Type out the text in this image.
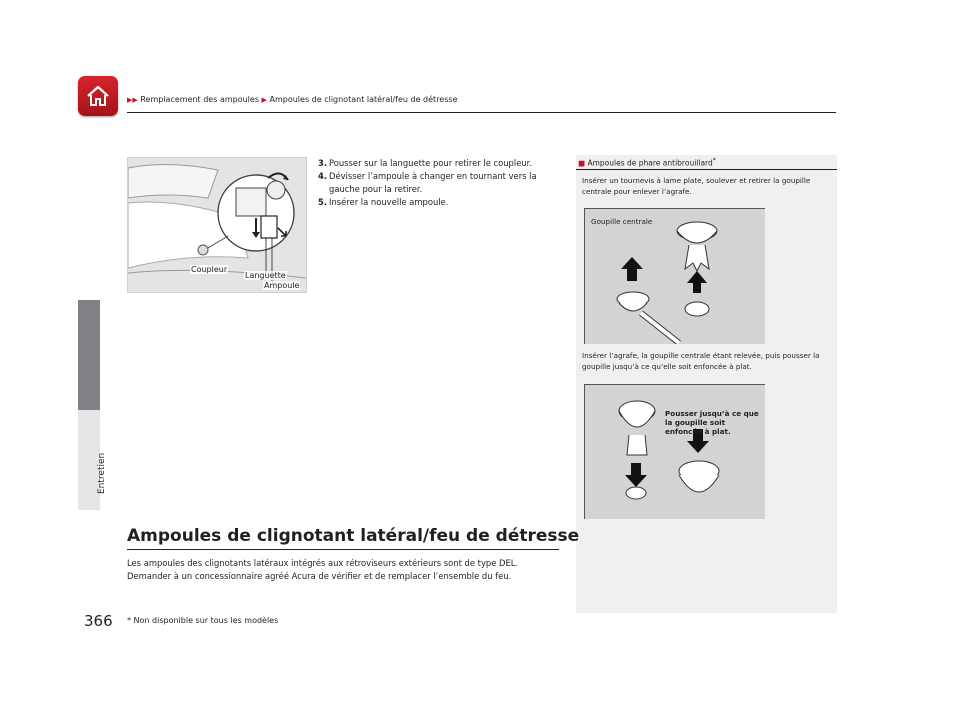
▶▶ Remplacement des ampoules ▶ Ampoules de clignotant latéral/feu de détresse
Entretien
Coupleur
Languette
Ampoule
3. Pousser sur la languette pour retirer le coupleur.
4. Dévisser l’ampoule à changer en tournant vers la gauche pour la retirer.
5. Insérer la nouvelle ampoule.
■ Ampoules de phare antibrouillard*
Insérer un tournevis à lame plate, soulever et retirer la goupille centrale pour enlever l’agrafe.
Goupille centrale
Insérer l’agrafe, la goupille centrale étant relevée, puis pousser la goupille jusqu’à ce qu’elle soit enfoncée à plat.
Pousser jusqu’à ce que la goupille soit enfoncée à plat.
Ampoules de clignotant latéral/feu de détresse
Les ampoules des clignotants latéraux intégrés aux rétroviseurs extérieurs sont de type DEL. Demander à un concessionnaire agréé Acura de vérifier et de remplacer l’ensemble du feu.
366 * Non disponible sur tous les modèles
